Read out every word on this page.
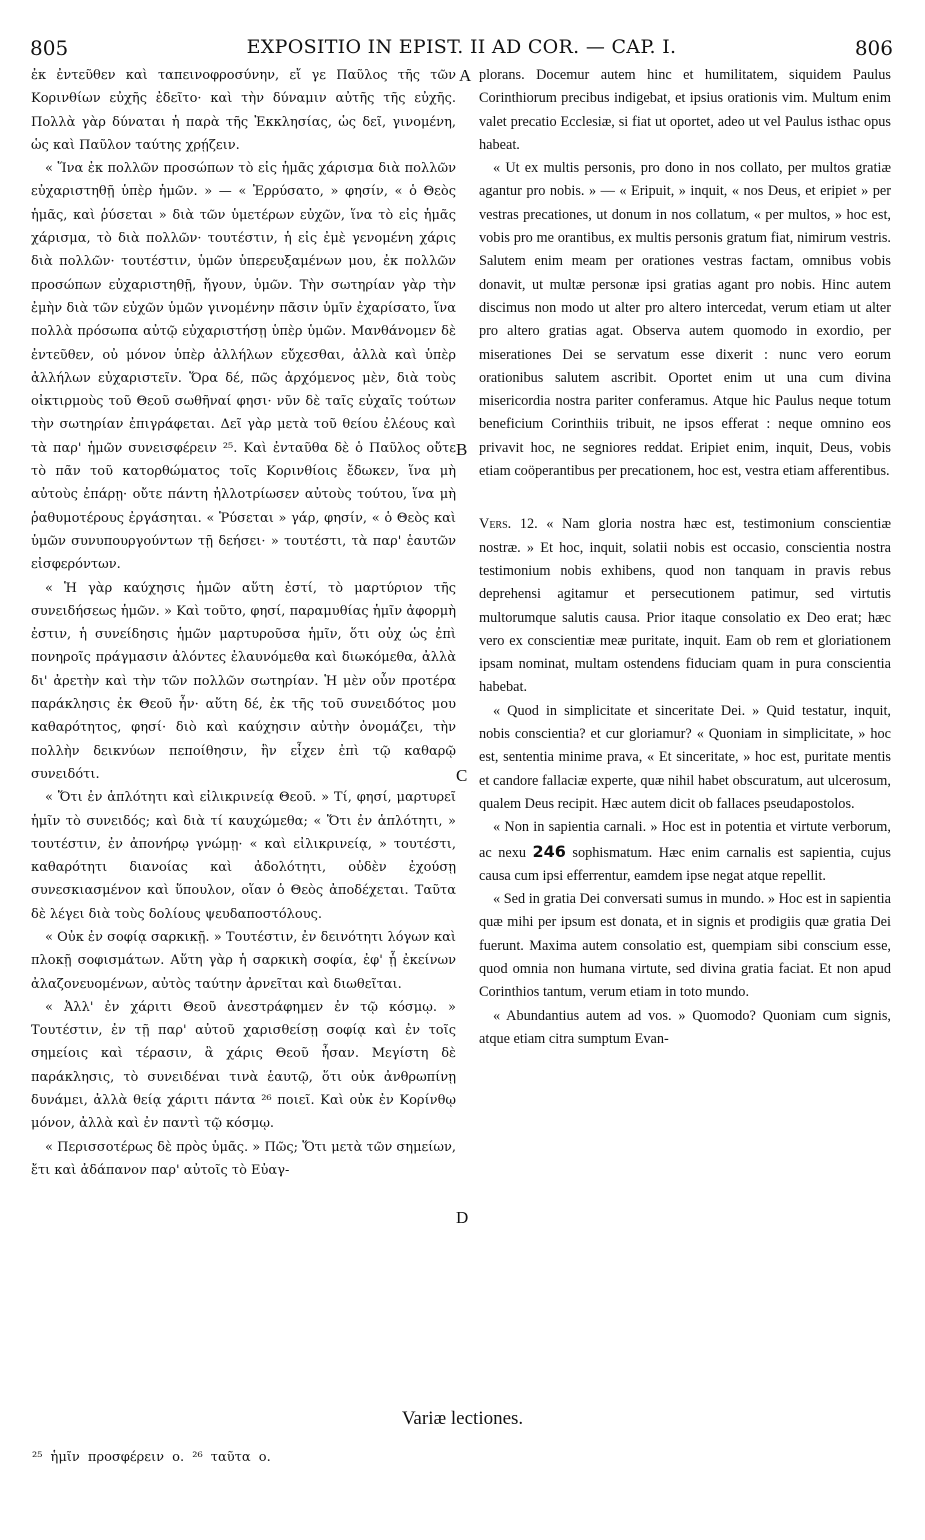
805	EXPOSITIO IN EPIST. II AD COR. — CAP. I.	806

ἐκ ἐντεῦθεν καὶ ταπεινοφροσύνην, εἴ γε Παῦλος τῆς τῶν Κορινθίων εὐχῆς ἐδεῖτο· καὶ τὴν δύναμιν αὐτῆς τῆς εὐχῆς. Πολλὰ γὰρ δύναται ἡ παρὰ τῆς Ἐκκλησίας, ὡς δεῖ, γινομένη, ὡς καὶ Παῦλον ταύτης χρῄζειν.

« Ἵνα ἐκ πολλῶν προσώπων τὸ εἰς ἡμᾶς χάρισμα διὰ πολλῶν εὐχαριστηθῇ ὑπὲρ ἡμῶν. » — « Ἐρρύσατο, » φησίν, « ὁ Θεὸς ἡμᾶς, καὶ ῥύσεται » διὰ τῶν ὑμετέρων εὐχῶν, ἵνα τὸ εἰς ἡμᾶς χάρισμα, τὸ διὰ πολλῶν· τουτέστιν, ἡ εἰς ἐμὲ γενομένη χάρις διὰ πολλῶν· τουτέστιν, ὑμῶν ὑπερευξαμένων μου, ἐκ πολλῶν προσώπων εὐχαριστηθῇ, ἤγουν, ὑμῶν. Τὴν σωτηρίαν γὰρ τὴν ἐμὴν διὰ τῶν εὐχῶν ὑμῶν γινομένην πᾶσιν ὑμῖν ἐχαρίσατο, ἵνα πολλὰ πρόσωπα αὐτῷ εὐχαριστήσῃ ὑπὲρ ὑμῶν. Μανθάνομεν δὲ ἐντεῦθεν, οὐ μόνον ὑπὲρ ἀλλήλων εὔχεσθαι, ἀλλὰ καὶ ὑπὲρ ἀλλήλων εὐχαριστεῖν. Ὅρα δέ, πῶς ἀρχόμενος μὲν, διὰ τοὺς οἰκτιρμοὺς τοῦ Θεοῦ σωθῆναί φησι· νῦν δὲ ταῖς εὐχαῖς τούτων τὴν σωτηρίαν ἐπιγράφεται. Δεῖ γὰρ μετὰ τοῦ θείου ἐλέους καὶ τὰ παρ' ἡμῶν συνεισφέρειν ²⁵. Καὶ ἐνταῦθα δὲ ὁ Παῦλος οὔτε τὸ πᾶν τοῦ κατορθώματος τοῖς Κορινθίοις ἔδωκεν, ἵνα μὴ αὐτοὺς ἐπάρῃ· οὔτε πάντη ἠλλοτρίωσεν αὐτοὺς τούτου, ἵνα μὴ ῥαθυμοτέρους ἐργάσηται. « Ῥύσεται » γάρ, φησίν, « ὁ Θεὸς καὶ ὑμῶν συνυπουργούντων τῇ δεήσει· » τουτέστι, τὰ παρ' ἑαυτῶν εἰσφερόντων.

« Ἡ γὰρ καύχησις ἡμῶν αὕτη ἐστί, τὸ μαρτύριον τῆς συνειδήσεως ἡμῶν. » Καὶ τοῦτο, φησί, παραμυθίας ἡμῖν ἀφορμὴ ἐστιν, ἡ συνείδησις ἡμῶν μαρτυροῦσα ἡμῖν, ὅτι οὐχ ὡς ἐπὶ πονηροῖς πράγμασιν ἁλόντες ἐλαυνόμεθα καὶ διωκόμεθα, ἀλλὰ δι' ἀρετὴν καὶ τὴν τῶν πολλῶν σωτηρίαν. Ἡ μὲν οὖν προτέρα παράκλησις ἐκ Θεοῦ ἦν· αὕτη δέ, ἐκ τῆς τοῦ συνειδότος μου καθαρότητος, φησί· διὸ καὶ καύχησιν αὐτὴν ὀνομάζει, τὴν πολλὴν δεικνύων πεποίθησιν, ἣν εἶχεν ἐπὶ τῷ καθαρῷ συνειδότι.

« Ὅτι ἐν ἁπλότητι καὶ εἰλικρινείᾳ Θεοῦ. » Τί, φησί, μαρτυρεῖ ἡμῖν τὸ συνειδός; καὶ διὰ τί καυχώμεθα; « Ὅτι ἐν ἁπλότητι, » τουτέστιν, ἐν ἀπονήρῳ γνώμῃ· « καὶ εἰλικρινείᾳ, » τουτέστι, καθαρότητι διανοίας καὶ ἀδολότητι, οὐδὲν ἐχούσῃ συνεσκιασμένον καὶ ὕπουλον, οἵαν ὁ Θεὸς ἀποδέχεται. Ταῦτα δὲ λέγει διὰ τοὺς δολίους ψευδαποστόλους.

« Οὐκ ἐν σοφίᾳ σαρκικῇ. » Τουτέστιν, ἐν δεινότητι λόγων καὶ πλοκῇ σοφισμάτων. Αὕτη γὰρ ἡ σαρκικὴ σοφία, ἐφ' ᾗ ἐκείνων ἀλαζονευομένων, αὐτὸς ταύτην ἀρνεῖται καὶ διωθεῖται.

« Ἀλλ' ἐν χάριτι Θεοῦ ἀνεστράφημεν ἐν τῷ κόσμῳ. » Τουτέστιν, ἐν τῇ παρ' αὐτοῦ χαρισθείσῃ σοφίᾳ καὶ ἐν τοῖς σημείοις καὶ τέρασιν, ἃ χάρις Θεοῦ ἦσαν. Μεγίστη δὲ παράκλησις, τὸ συνειδέναι τινὰ ἑαυτῷ, ὅτι οὐκ ἀνθρωπίνῃ δυνάμει, ἀλλὰ θείᾳ χάριτι πάντα ²⁶ ποιεῖ. Καὶ οὐκ ἐν Κορίνθῳ μόνον, ἀλλὰ καὶ ἐν παντὶ τῷ κόσμῳ.

« Περισσοτέρως δὲ πρὸς ὑμᾶς. » Πῶς; Ὅτι μετὰ τῶν σημείων, ἔτι καὶ ἀδάπανον παρ' αὐτοῖς τὸ Εὐαγ-

A
B
C
D

plorans. Docemur autem hinc et humilitatem, siquidem Paulus Corinthiorum precibus indigebat, et ipsius orationis vim. Multum enim valet precatio Ecclesiæ, si fiat ut oportet, adeo ut vel Paulus isthac opus habeat.

« Ut ex multis personis, pro dono in nos collato, per multos gratiæ agantur pro nobis. » — « Eripuit, » inquit, « nos Deus, et eripiet » per vestras precationes, ut donum in nos collatum, « per multos, » hoc est, vobis pro me orantibus, ex multis personis gratum fiat, nimirum vestris. Salutem enim meam per orationes vestras factam, omnibus vobis donavit, ut multæ personæ ipsi gratias agant pro nobis. Hinc autem discimus non modo ut alter pro altero intercedat, verum etiam ut alter pro altero gratias agat. Observa autem quomodo in exordio, per miserationes Dei se servatum esse dixerit : nunc vero eorum orationibus salutem ascribit. Oportet enim ut una cum divina misericordia nostra pariter conferamus. Atque hic Paulus neque totum beneficium Corinthiis tribuit, ne ipsos efferat : neque omnino eos privavit hoc, ne segniores reddat. Eripiet enim, inquit, Deus, vobis etiam coöperantibus per precationem, hoc est, vestra etiam afferentibus.

Vers. 12. « Nam gloria nostra hæc est, testimonium conscientiæ nostræ. » Et hoc, inquit, solatii nobis est occasio, conscientia nostra testimonium nobis exhibens, quod non tanquam in pravis rebus deprehensi agitamur et persecutionem patimur, sed virtutis multorumque salutis causa. Prior itaque consolatio ex Deo erat; hæc vero ex conscientiæ meæ puritate, inquit. Eam ob rem et gloriationem ipsam nominat, multam ostendens fiduciam quam in pura conscientia habebat.

« Quod in simplicitate et sinceritate Dei. » Quid testatur, inquit, nobis conscientia? et cur gloriamur? « Quoniam in simplicitate, » hoc est, sententia minime prava, « Et sinceritate, » hoc est, puritate mentis et candore fallaciæ experte, quæ nihil habet obscuratum, aut ulcerosum, qualem Deus recipit. Hæc autem dicit ob fallaces pseudapostolos.

« Non in sapientia carnali. » Hoc est in potentia et virtute verborum, ac nexu 246 sophismatum. Hæc enim carnalis est sapientia, cujus causa cum ipsi efferrentur, eamdem ipse negat atque repellit.

« Sed in gratia Dei conversati sumus in mundo. » Hoc est in sapientia quæ mihi per ipsum est donata, et in signis et prodigiis quæ gratia Dei fuerunt. Maxima autem consolatio est, quempiam sibi conscium esse, quod omnia non humana virtute, sed divina gratia faciat. Et non apud Corinthios tantum, verum etiam in toto mundo.

« Abundantius autem ad vos. » Quomodo? Quoniam cum signis, atque etiam citra sumptum Evan-

Variæ lectiones.
²⁵ ἡμῖν προσφέρειν ο. ²⁶ ταῦτα ο.
